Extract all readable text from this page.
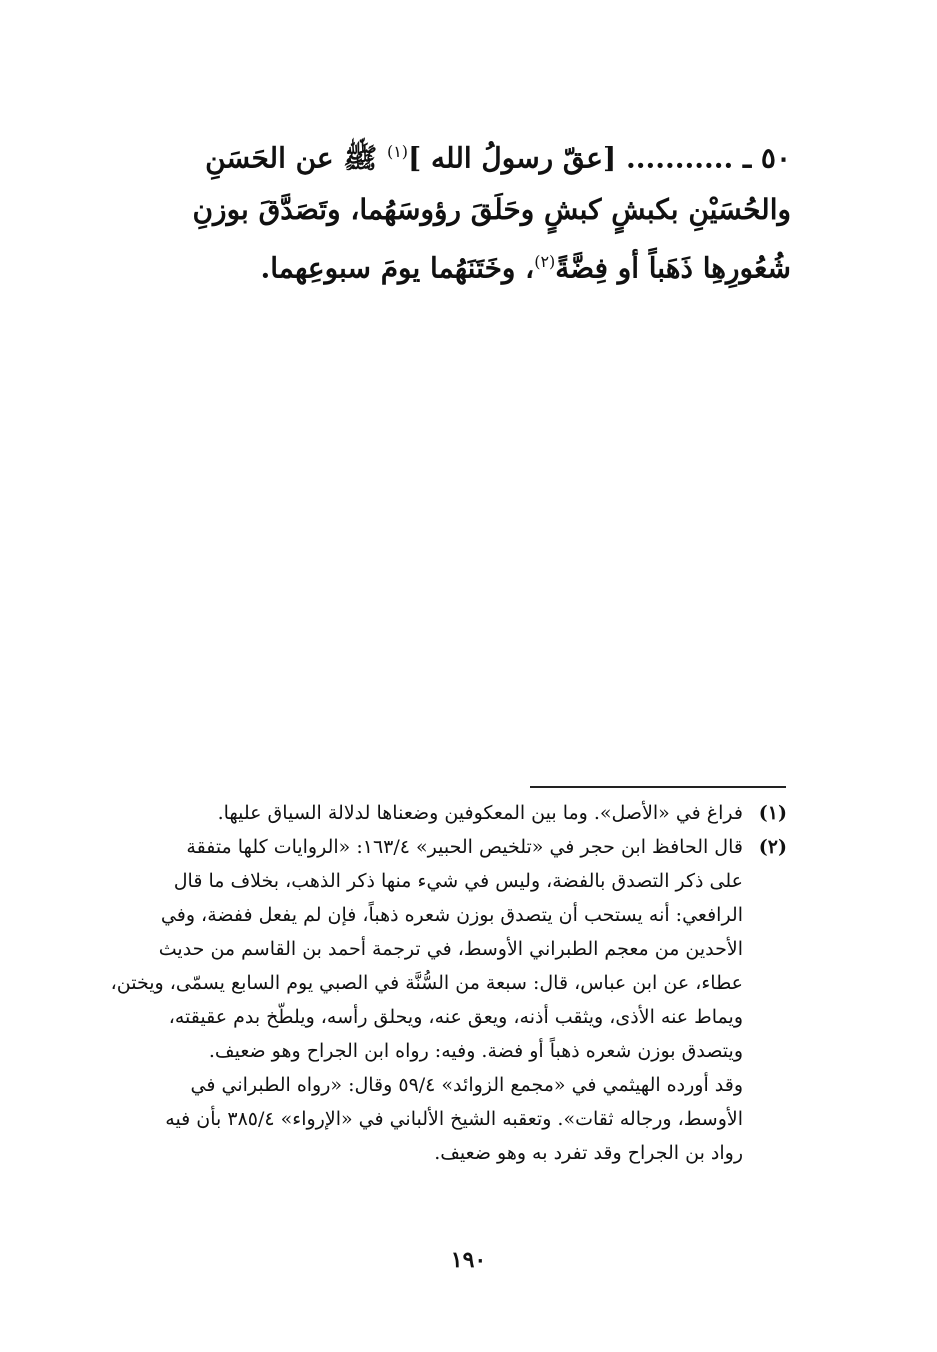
٥٠ ـ ........... [عقّ رسولُ الله ]$^{(١)}$ ﷺ عن الحَسَنِ
والحُسَيْنِ بكبشٍ كبشٍ وحَلَقَ رؤوسَهُما، وتَصَدَّقَ بوزنِ
شُعُورِهِا ذَهَباً أو فِضَّةً$^{(٢)}$، وخَتَنَهُما يومَ سبوعِهما.
(١)
فراغ في «الأصل». وما بين المعكوفين وضعناها لدلالة السياق عليها.
(٢)
قال الحافظ ابن حجر في «تلخيص الحبير» ١٦٣/٤: «الروايات كلها متفقة
على ذكر التصدق بالفضة، وليس في شيء منها ذكر الذهب، بخلاف ما قال
الرافعي: أنه يستحب أن يتصدق بوزن شعره ذهباً، فإن لم يفعل ففضة، وفي
الأحدين من معجم الطبراني الأوسط، في ترجمة أحمد بن القاسم من حديث
عطاء، عن ابن عباس، قال: سبعة من السُّنَّة في الصبي يوم السابع يسمّى، ويختن،
ويماط عنه الأذى، ويثقب أذنه، ويعق عنه، ويحلق رأسه، ويلطّخ بدم عقيقته،
ويتصدق بوزن شعره ذهباً أو فضة. وفيه: رواه ابن الجراح وهو ضعيف.
وقد أورده الهيثمي في «مجمع الزوائد» ٥٩/٤ وقال: «رواه الطبراني في
الأوسط، ورجاله ثقات». وتعقبه الشيخ الألباني في «الإرواء» ٣٨٥/٤ بأن فيه
رواد بن الجراح وقد تفرد به وهو ضعيف.
١٩٠
